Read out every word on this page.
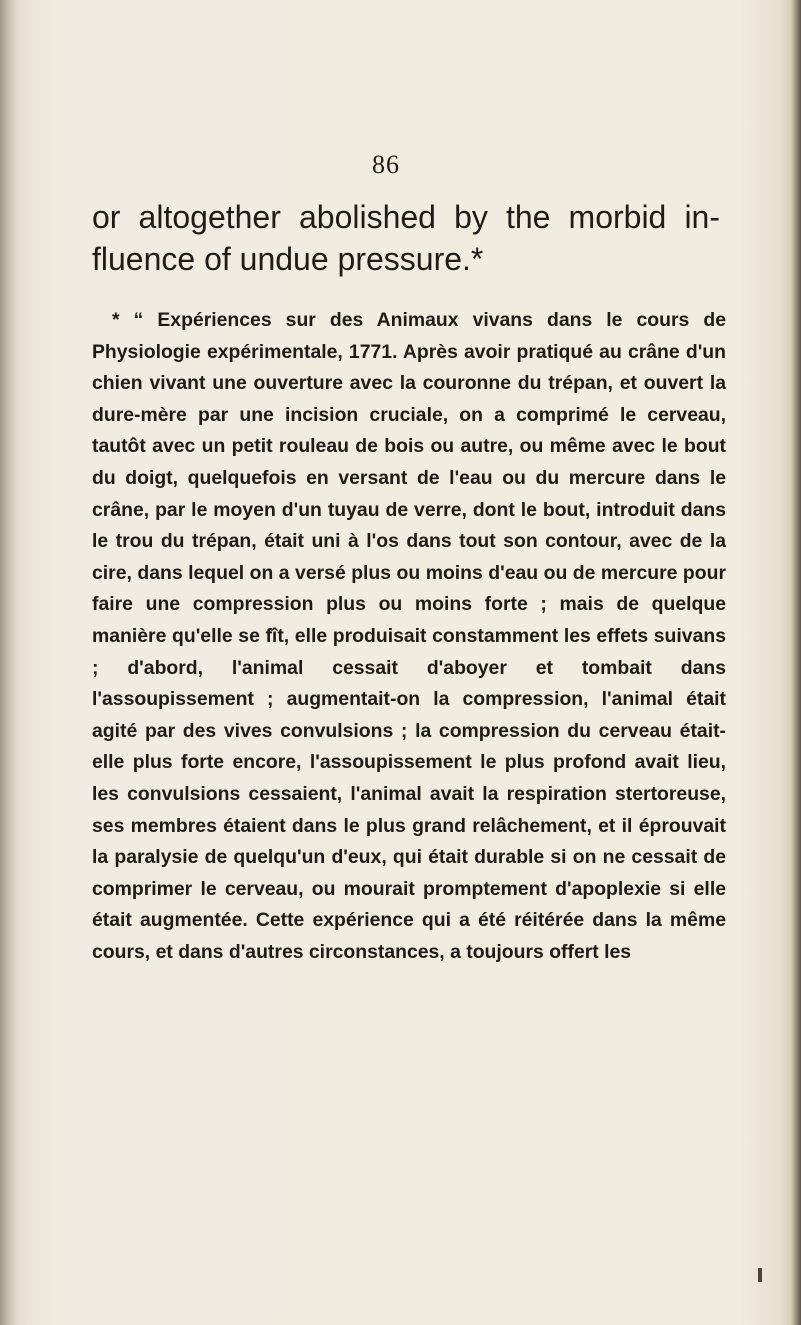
86
or altogether abolished by the morbid in-fluence of undue pressure.*
* “ Expériences sur des Animaux vivans dans le cours de Physiologie expérimentale, 1771. Après avoir pratiqué au crâne d'un chien vivant une ouverture avec la couronne du trépan, et ouvert la dure-mère par une incision cruciale, on a comprimé le cerveau, tautôt avec un petit rouleau de bois ou autre, ou même avec le bout du doigt, quelquefois en versant de l'eau ou du mercure dans le crâne, par le moyen d'un tuyau de verre, dont le bout, introduit dans le trou du trépan, était uni à l'os dans tout son contour, avec de la cire, dans lequel on a versé plus ou moins d'eau ou de mercure pour faire une compression plus ou moins forte ; mais de quelque manière qu'elle se fît, elle produisait constamment les effets suivans ; d'abord, l'animal cessait d'aboyer et tombait dans l'assoupissement ; augmentait-on la compression, l'animal était agité par des vives convulsions ; la compression du cerveau était-elle plus forte encore, l'assoupissement le plus profond avait lieu, les convulsions cessaient, l'animal avait la respiration stertoreuse, ses membres étaient dans le plus grand relâchement, et il éprouvait la paralysie de quelqu'un d'eux, qui était durable si on ne cessait de comprimer le cerveau, ou mourait promptement d'apoplexie si elle était augmentée. Cette expérience qui a été réitérée dans la même cours, et dans d'autres circonstances, a toujours offert les
